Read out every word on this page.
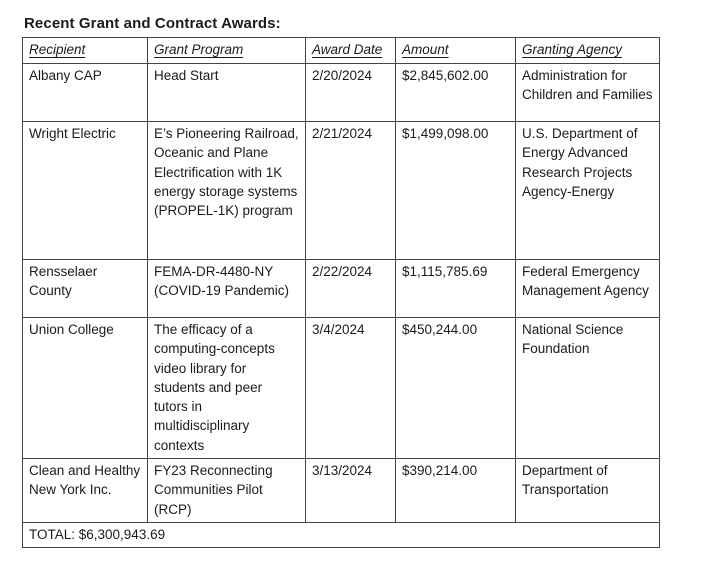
Recent Grant and Contract Awards:
Recipient	Grant Program	Award Date	Amount	Granting Agency
Albany CAP	Head Start	2/20/2024	$2,845,602.00	Administration for Children and Families
Wright Electric	E’s Pioneering Railroad, Oceanic and Plane Electrification with 1K energy storage systems (PROPEL-1K) program	2/21/2024	$1,499,098.00	U.S. Department of Energy Advanced Research Projects Agency-Energy
Rensselaer County	FEMA-DR-4480-NY (COVID-19 Pandemic)	2/22/2024	$1,115,785.69	Federal Emergency Management Agency
Union College	The efficacy of a computing-concepts video library for students and peer tutors in multidisciplinary contexts	3/4/2024	$450,244.00	National Science Foundation
Clean and Healthy New York Inc.	FY23 Reconnecting Communities Pilot (RCP)	3/13/2024	$390,214.00	Department of Transportation
TOTAL: $6,300,943.69				
